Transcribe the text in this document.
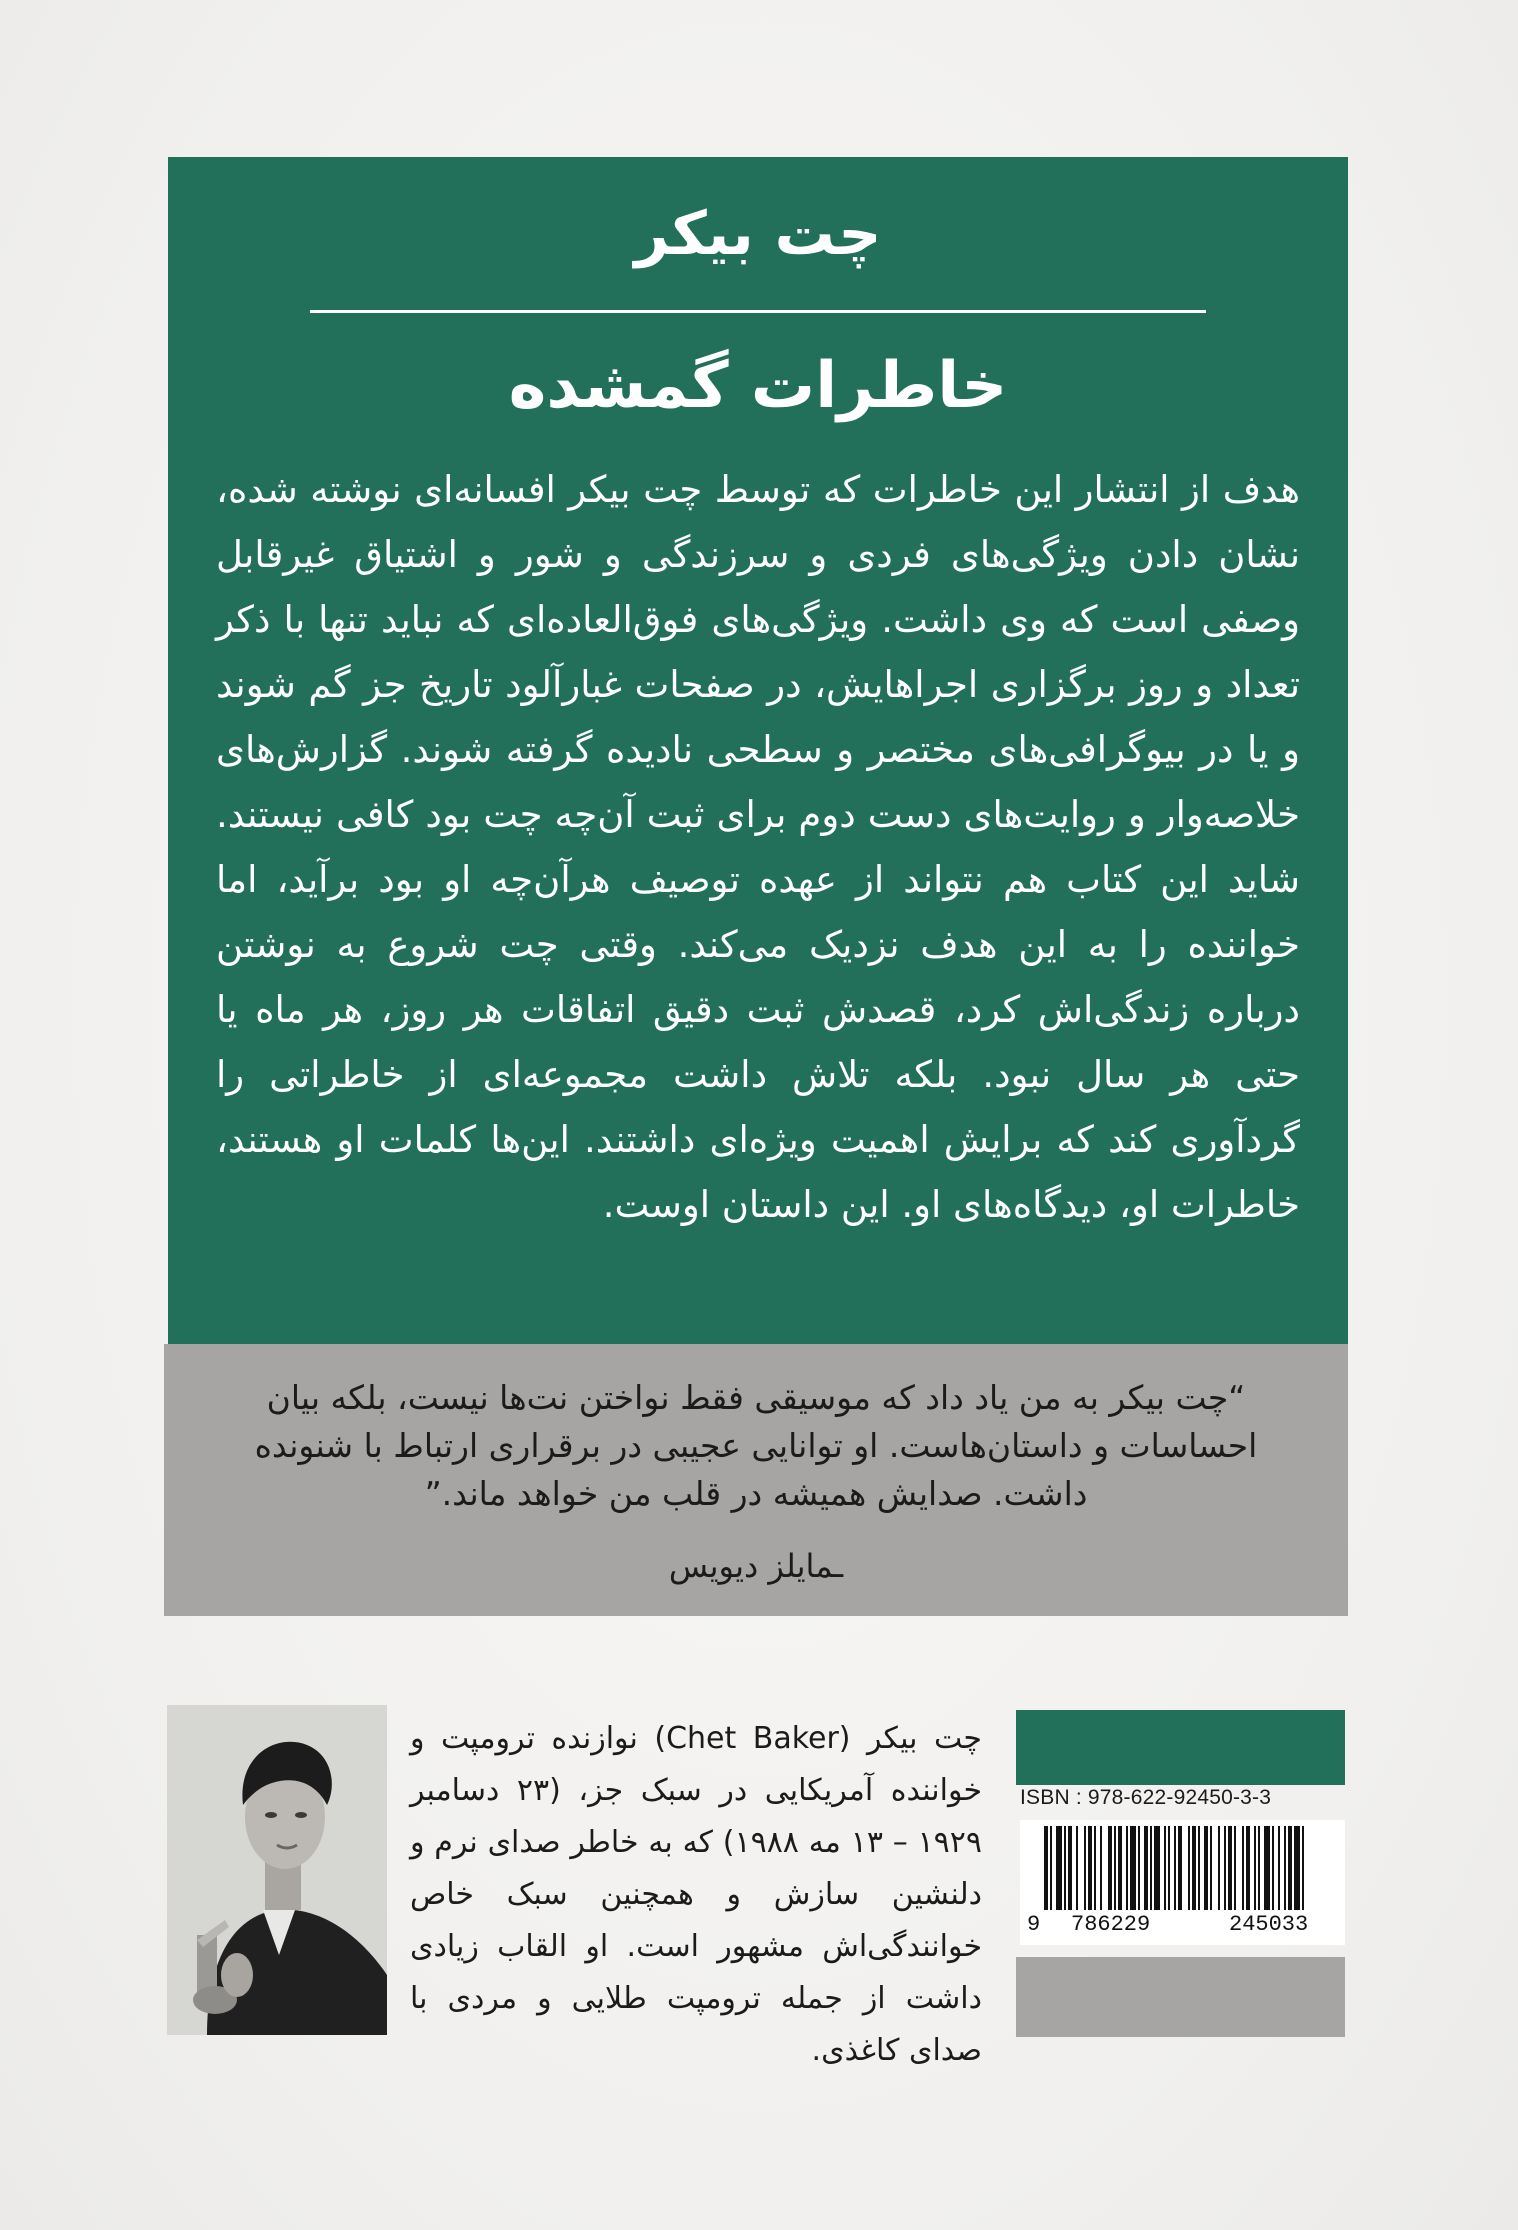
چت بیکر
خاطرات گمشده
هدف از انتشار این خاطرات که توسط چت بیکر افسانه‌ای نوشته شده، نشان دادن ویژگی‌های فردی و سرزندگی و شور و اشتیاق غیرقابل وصفی است که وی داشت. ویژگی‌های فوق‌العاده‌ای که نباید تنها با ذکر تعداد و روز برگزاری اجراهایش، در صفحات غبارآلود تاریخ جز گم شوند و یا در بیوگرافی‌های مختصر و سطحی نادیده گرفته شوند. گزارش‌های خلاصه‌وار و روایت‌های دست دوم برای ثبت آن‌چه چت بود کافی نیستند. شاید این کتاب هم نتواند از عهده توصیف هرآن‌چه او بود برآید، اما خواننده را به این هدف نزدیک می‌کند. وقتی چت شروع به نوشتن درباره زندگی‌اش کرد، قصدش ثبت دقیق اتفاقات هر روز، هر ماه یا حتی هر سال نبود. بلکه تلاش داشت مجموعه‌ای از خاطراتی را گردآوری کند که برایش اهمیت ویژه‌ای داشتند. این‌ها کلمات او هستند، خاطرات او، دیدگاه‌های او. این داستان اوست.
“چت بیکر به من یاد داد که موسیقی فقط نواختن نت‌ها نیست، بلکه بیان احساسات و داستان‌هاست. او توانایی عجیبی در برقراری ارتباط با شنونده داشت. صدایش همیشه در قلب من خواهد ماند.”
ـمایلز دیویس
چت بیکر (Chet Baker) نوازنده ترومپت و خواننده آمریکایی در سبک جز، (۲۳ دسامبر ۱۹۲۹ – ۱۳ مه ۱۹۸۸) که به خاطر صدای نرم و دلنشین سازش و همچنین سبک خاص خوانندگی‌اش مشهور است. او القاب زیادی داشت از جمله ترومپت طلایی و مردی با صدای کاغذی.
ISBN : 978-622-92450-3-3
9 786229	245033
